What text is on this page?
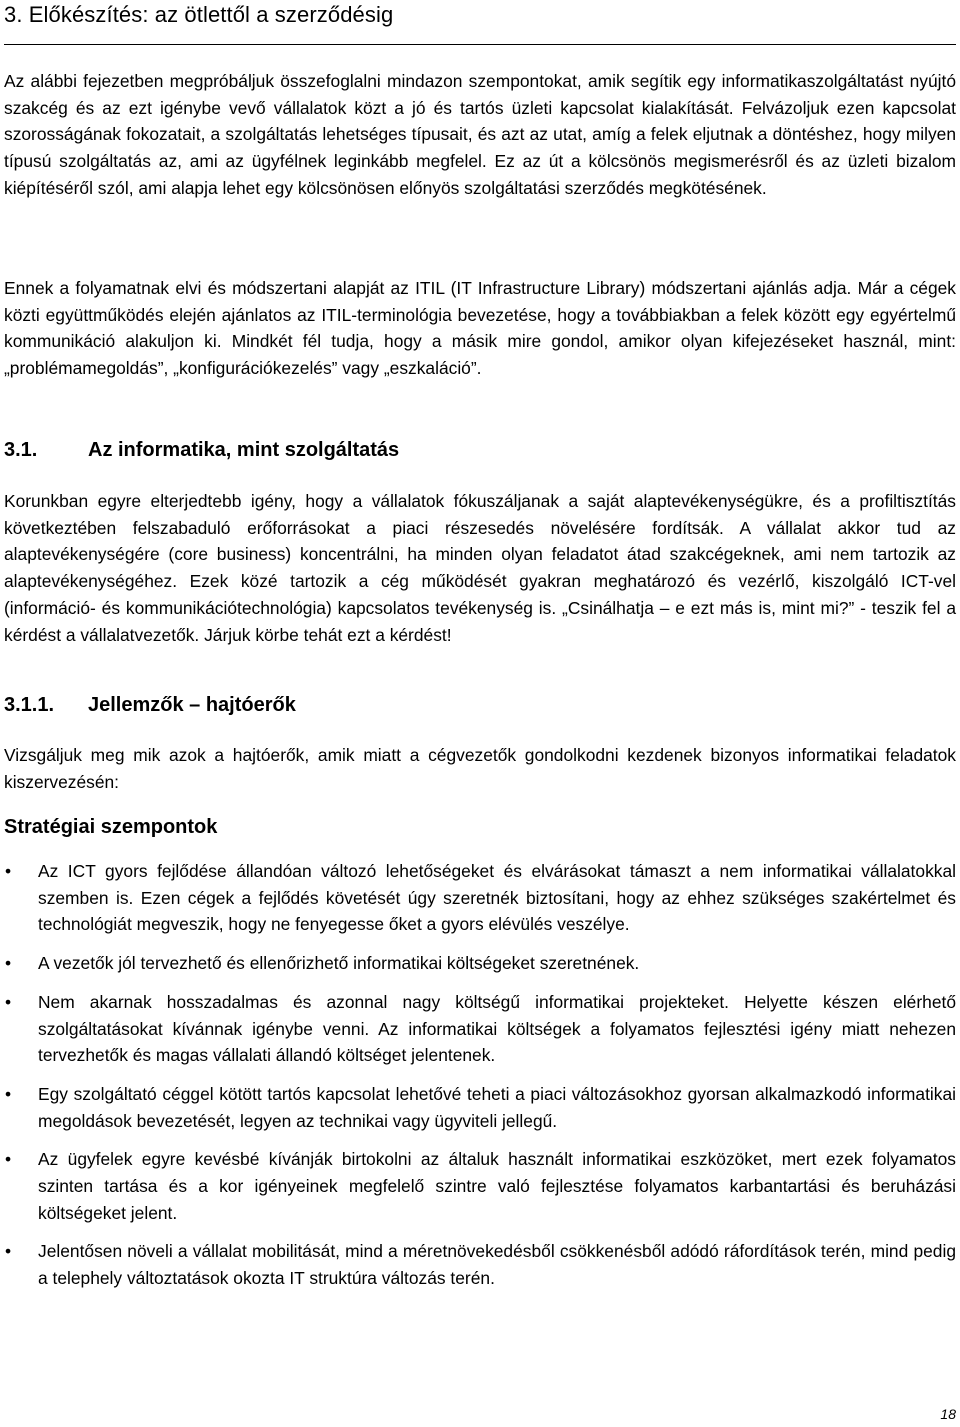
3. Előkészítés: az ötlettől a szerződésig

Az alábbi fejezetben megpróbáljuk összefoglalni mindazon szempontokat, amik segítik egy informatikaszolgáltatást nyújtó szakcég és az ezt igénybe vevő vállalatok közt a jó és tartós üzleti kapcsolat kialakítását. Felvázoljuk ezen kapcsolat szorosságának fokozatait, a szolgáltatás lehetséges típusait, és azt az utat, amíg a felek eljutnak a döntéshez, hogy milyen típusú szolgáltatás az, ami az ügyfélnek leginkább megfelel. Ez az út a kölcsönös megismerésről és az üzleti bizalom kiépítéséről szól, ami alapja lehet egy kölcsönösen előnyös szolgáltatási szerződés megkötésének.

Ennek a folyamatnak elvi és módszertani alapját az ITIL (IT Infrastructure Library) módszertani ajánlás adja. Már a cégek közti együttműködés elején ajánlatos az ITIL-terminológia bevezetése, hogy a továbbiakban a felek között egy egyértelmű kommunikáció alakuljon ki. Mindkét fél tudja, hogy a másik mire gondol, amikor olyan kifejezéseket használ, mint: „problémamegoldás”, „konfigurációkezelés” vagy „eszkaláció”.

3.1.	Az informatika, mint szolgáltatás

Korunkban egyre elterjedtebb igény, hogy a vállalatok fókuszáljanak a saját alaptevékenységükre, és a profiltisztítás következtében felszabaduló erőforrásokat a piaci részesedés növelésére fordítsák. A vállalat akkor tud az alaptevékenységére (core business) koncentrálni, ha minden olyan feladatot átad szakcégeknek, ami nem tartozik az alaptevékenységéhez. Ezek közé tartozik a cég működését gyakran meghatározó és vezérlő, kiszolgáló ICT-vel (információ- és kommunikációtechnológia) kapcsolatos tevékenység is. „Csinálhatja – e ezt más is, mint mi?” - teszik fel a kérdést a vállalatvezetők. Járjuk körbe tehát ezt a kérdést!

3.1.1. Jellemzők – hajtóerők

Vizsgáljuk meg mik azok a hajtóerők, amik miatt a cégvezetők gondolkodni kezdenek bizonyos informatikai feladatok kiszervezésén:

Stratégiai szempontok
• Az ICT gyors fejlődése állandóan változó lehetőségeket és elvárásokat támaszt a nem informatikai vállalatokkal szemben is. Ezen cégek a fejlődés követését úgy szeretnék biztosítani, hogy az ehhez szükséges szakértelmet és technológiát megveszik, hogy ne fenyegesse őket a gyors elévülés veszélye.
• A vezetők jól tervezhető és ellenőrizhető informatikai költségeket szeretnének.
• Nem akarnak hosszadalmas és azonnal nagy költségű informatikai projekteket. Helyette készen elérhető szolgáltatásokat kívánnak igénybe venni. Az informatikai költségek a folyamatos fejlesztési igény miatt nehezen tervezhetők és magas vállalati állandó költséget jelentenek.
• Egy szolgáltató céggel kötött tartós kapcsolat lehetővé teheti a piaci változásokhoz gyorsan alkalmazkodó informatikai megoldások bevezetését, legyen az technikai vagy ügyviteli jellegű.
• Az ügyfelek egyre kevésbé kívánják birtokolni az általuk használt informatikai eszközöket, mert ezek folyamatos szinten tartása és a kor igényeinek megfelelő szintre való fejlesztése folyamatos karbantartási és beruházási költségeket jelent.
• Jelentősen növeli a vállalat mobilitását, mind a méretnövekedésből csökkenésből adódó ráfordítások terén, mind pedig a telephely változtatások okozta IT struktúra változás terén.
18
